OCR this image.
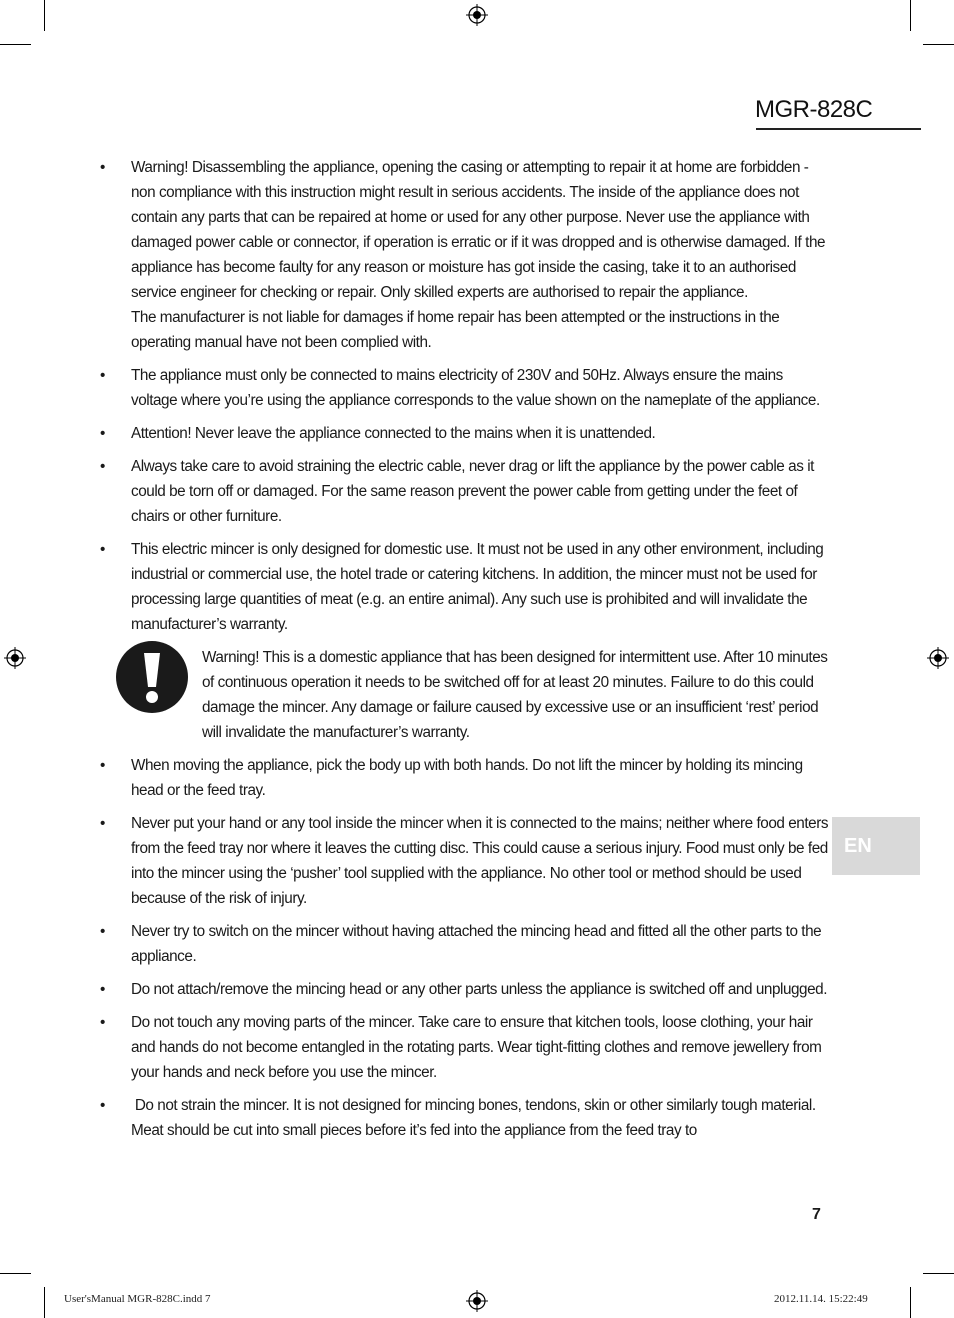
MGR-828C
•	Warning! Disassembling the appliance, opening the casing or attempting to repair it at home are forbidden - non compliance with this instruction might result in serious accidents. The inside of the appliance does not contain any parts that can be repaired at home or used for any other purpose. Never use the appliance with damaged power cable or connector, if operation is erratic or if it was dropped and is otherwise damaged. If the appliance has become faulty for any reason or moisture has got inside the casing, take it to an authorised service engineer for checking or repair. Only skilled experts are authorised to repair the appliance.
The manufacturer is not liable for damages if home repair has been attempted or the instructions in the operating manual have not been complied with.
•	The appliance must only be connected to mains electricity of 230V and 50Hz. Always ensure the mains voltage where you’re using the appliance corresponds to the value shown on the nameplate of the appliance.
•	Attention! Never leave the appliance connected to the mains when it is unattended.
•	Always take care to avoid straining the electric cable, never drag or lift the appliance by the power cable as it could be torn off or damaged. For the same reason prevent the power cable from getting under the feet of chairs or other furniture.
•	This electric mincer is only designed for domestic use. It must not be used in any other environment, including industrial or commercial use, the hotel trade or catering kitchens. In addition, the mincer must not be used for processing large quantities of meat (e.g. an entire animal). Any such use is prohibited and will invalidate the manufacturer’s warranty.
Warning! This is a domestic appliance that has been designed for intermittent use. After 10 minutes of continuous operation it needs to be switched off for at least 20 minutes. Failure to do this could damage the mincer. Any damage or failure caused by excessive use or an insufficient ‘rest’ period will invalidate the manufacturer’s warranty.
•	When moving the appliance, pick the body up with both hands. Do not lift the mincer by holding its mincing head or the feed tray.
•	Never put your hand or any tool inside the mincer when it is connected to the mains; neither where food enters from the feed tray nor where it leaves the cutting disc. This could cause a serious injury. Food must only be fed into the mincer using the ‘pusher’ tool supplied with the appliance. No other tool or method should be used because of the risk of injury.
•	Never try to switch on the mincer without having attached the mincing head and fitted all the other parts to the appliance.
•	Do not attach/remove the mincing head or any other parts unless the appliance is switched off and unplugged.
•	Do not touch any moving parts of the mincer. Take care to ensure that kitchen tools, loose clothing, your hair and hands do not become entangled in the rotating parts. Wear tight-fitting clothes and remove jewellery from your hands and neck before you use the mincer.
•	Do not strain the mincer. It is not designed for mincing bones, tendons, skin or other similarly tough material. Meat should be cut into small pieces before it’s fed into the appliance from the feed tray to
EN
7
User'sManual MGR-828C.indd 7	2012.11.14. 15:22:49
